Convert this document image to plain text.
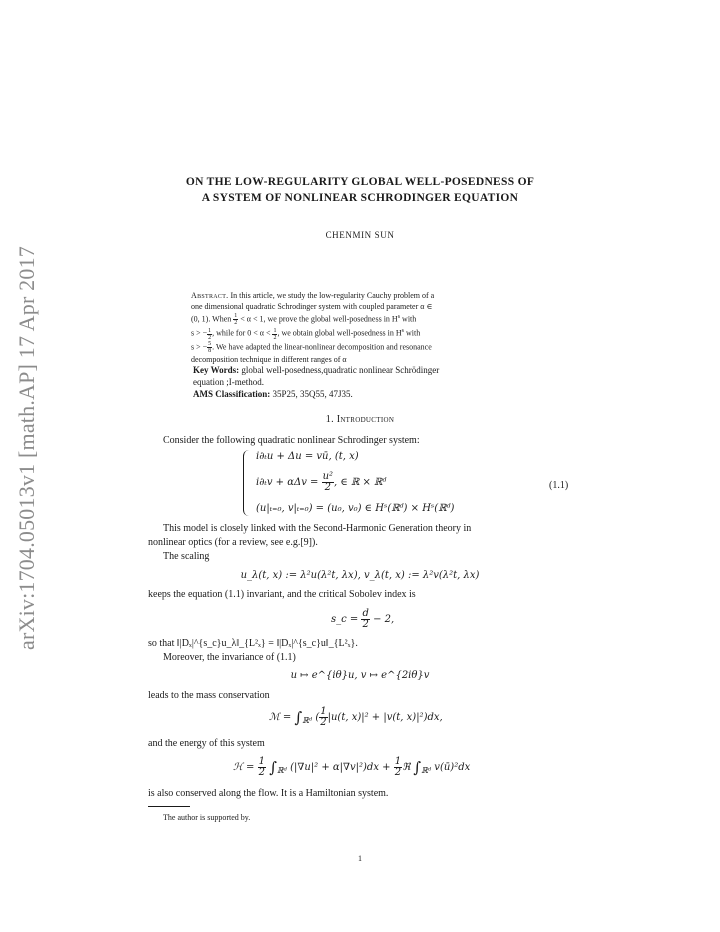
arXiv:1704.05013v1 [math.AP] 17 Apr 2017
ON THE LOW-REGULARITY GLOBAL WELL-POSEDNESS OF
A SYSTEM OF NONLINEAR SCHRODINGER EQUATION
CHENMIN SUN
Abstract. In this article, we study the low-regularity Cauchy problem of a
one dimensional quadratic Schrodinger system with coupled parameter α ∈
(0, 1). When $\frac{1}{2} < \alpha < 1$, we prove the global well-posedness in $H^s$ with
s > − $\frac{1}{2}$ , while for $0 < \alpha < \frac{1}{2}$ , we obtain global well-posedness in $H^s$ with
s > − $\frac{5}{8}$ . We have adapted the linear-nonlinear decomposition and resonance
decomposition technique in different ranges of α
Key Words: global well-posedness,quadratic nonlinear Schrödinger
equation ;I-method.
AMS Classification: 35P25, 35Q55, 47J35.
1. Introduction
Consider the following quadratic nonlinear Schrodinger system:
i∂ₜu + Δu = vū, (t, x)
$i\partial_tv + \alpha\Delta v = \frac{\text{u²}}{2}$ , ∈ ℝ × ℝᵈ
(u|ₜ₌₀, v|ₜ₌₀) = (u₀, v₀) ∈ Hˢ(ℝᵈ) × Hˢ(ℝᵈ)
(1.1)
This model is closely linked with the Second-Harmonic Generation theory in
nonlinear optics (for a review, see e.g.[9]).
The scaling
u_λ(t, x) := λ²u(λ²t, λx), v_λ(t, x) := λ²v(λ²t, λx)
keeps the equation (1.1) invariant, and the critical Sobolev index is
s_c = $\frac{d}{2} - 2$,
so that ‖|Dₓ|^{s_c}u_λ‖_{L²ₓ} = ‖|Dₓ|^{s_c}u‖_{L²ₓ}.
Moreover, the invariance of (1.1)
u ↦ e^{iθ}u, v ↦ e^{2iθ}v
leads to the mass conservation
ℳ = $\int_{ℝᵈ}$ ( $\frac{1}{2} |u(t$, x)|² + |v(t, x)|²)dx,
and the energy of this system
ℋ = $\frac{1}{2} \int_{ℝᵈ}$ $(|\nabla u|^2 + \alpha|\nabla v|^2)dx + \frac{1}{2}$ ℜ $\int_{ℝᵈ}$ v(ū)²dx
is also conserved along the flow. It is a Hamiltonian system.
The author is supported by.
1
